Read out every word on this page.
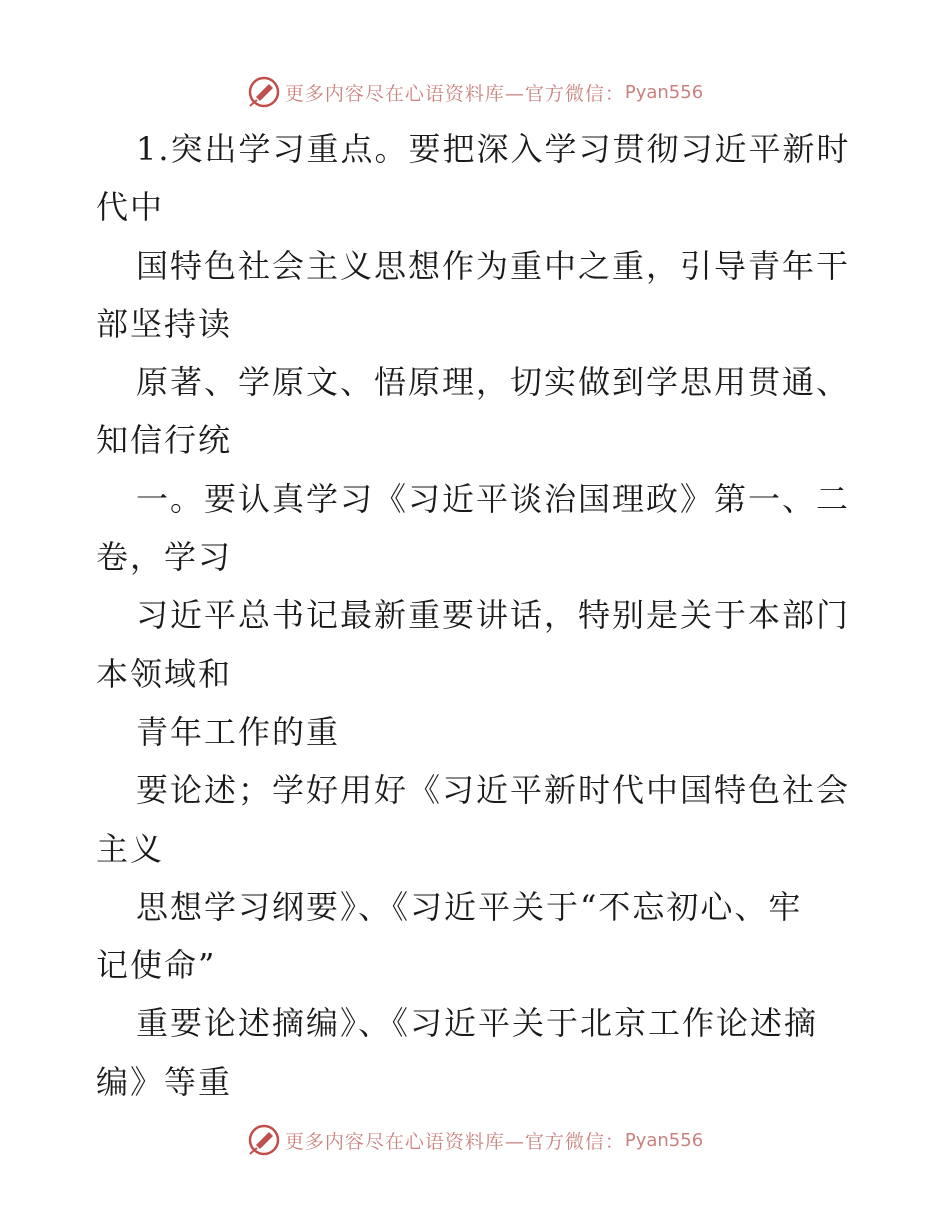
更多内容尽在心语资料库—官方微信： Pyan556
1.突出学习重点。要把深入学习贯彻习近平新时
代中
国特色社会主义思想作为重中之重，引导青年干
部坚持读
原著、学原文、悟原理，切实做到学思用贯通、
知信行统
一。要认真学习《习近平谈治国理政》第一、二
卷，学习
习近平总书记最新重要讲话，特别是关于本部门
本领域和
青年工作的重
要论述；学好用好《习近平新时代中国特色社会
主义
思想学习纲要》、《习近平关于“不忘初心、牢
记使命”
重要论述摘编》、《习近平关于北京工作论述摘
编》等重
更多内容尽在心语资料库—官方微信： Pyan556
